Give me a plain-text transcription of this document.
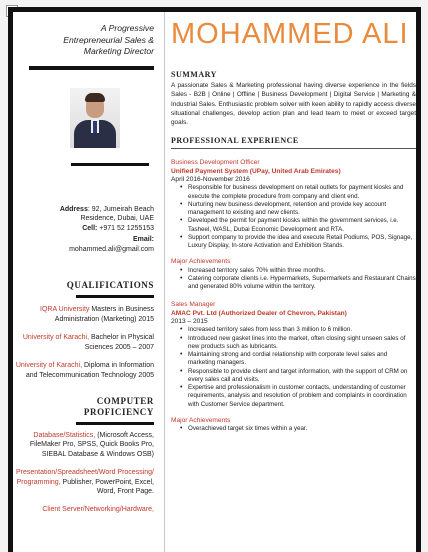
A Progressive
Entrepreneurial Sales &
Marketing Director
Address: 92, Jumeirah Beach
Residence, Dubai, UAE
Cell: +971 52 1255153
Email:
mohammed.ali@gmail.com
QUALIFICATIONS
IQRA University Masters in Business Administration (Marketing) 2015
University of Karachi, Bachelor in Physical Sciences 2005 – 2007
University of Karachi, Diploma in Information and Telecommunication Technology 2005
COMPUTER
PROFICIENCY
Database/Statistics, (Microsoft Access, FileMaker Pro, SPSS, Quick Books Pro, SIEBAL Database & Windows OSB)
Presentation/Spreadsheet/Word Processing/ Programming, Publisher, PowerPoint, Excel, Word, Front Page.
Client Server/Networking/Hardware,
MOHAMMED ALI
SUMMARY
A passionate Sales & Marketing professional having diverse experience in the fields Sales - B2B | Online | Offline | Business Development | Digital Service | Marketing & Industrial Sales. Enthusiastic problem solver with keen ability to rapidly access diverse situational challenges, develop action plan and lead team to meet or exceed target goals.
PROFESSIONAL EXPERIENCE
Business Development Officer
Unified Payment System (UPay, United Arab Emirates)
April 2016-November 2016
• Responsible for business development on retail outlets for payment kiosks and execute the complete procedure from company and client end.
• Nurturing new business development, retention and provide key account management to existing and new clients.
• Developed the permit for payment kiosks within the government services, i.e. Tasheel, WASL, Dubai Economic Development and RTA.
• Support company to provide the idea and execute Retail Podiums, POS, Signage, Luxury Display, In-store Activation and Exhibition Stands.
Major Achievements
• Increased territory sales 70% within three months.
• Catering corporate clients i.e. Hypermarkets, Supermarkets and Restaurant Chains and generated 80% volume within the territory.
Sales Manager
AMAC Pvt. Ltd (Authorized Dealer of Chevron, Pakistan)
2013 – 2015
• Increased territory sales from less than 3 million to 6 million.
• Introduced new gasket lines into the market, often closing sight unseen sales of new products such as lubricants.
• Maintaining strong and cordial relationship with corporate level sales and marketing managers.
• Responsible to provide client and target information, with the support of CRM on every sales call and visits.
• Expertise and professionalism in customer contacts, understanding of customer requirements, analysis and resolution of problem and complaints in coordination with Customer Service department.
Major Achievements
• Overachieved target six times within a year.
